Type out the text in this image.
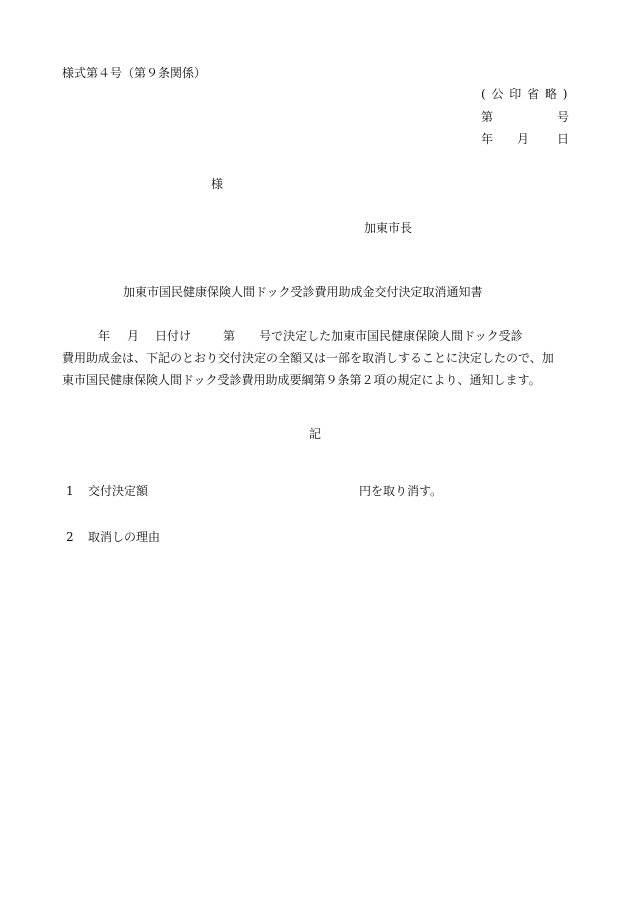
様式第４号（第９条関係）
( 公 印 省 略 )
第	号
年 月 日
様
加東市長
加東市国民健康保険人間ドック受診費用助成金交付決定取消通知書
年 月 日付け	第 号で決定した加東市国民健康保険人間ドック受診
費用助成金は、下記のとおり交付決定の全額又は一部を取消しすることに決定したので、加
東市国民健康保険人間ドック受診費用助成要綱第９条第２項の規定により、通知します。
記
1 交付決定額	円を取り消す。
2 取消しの理由
